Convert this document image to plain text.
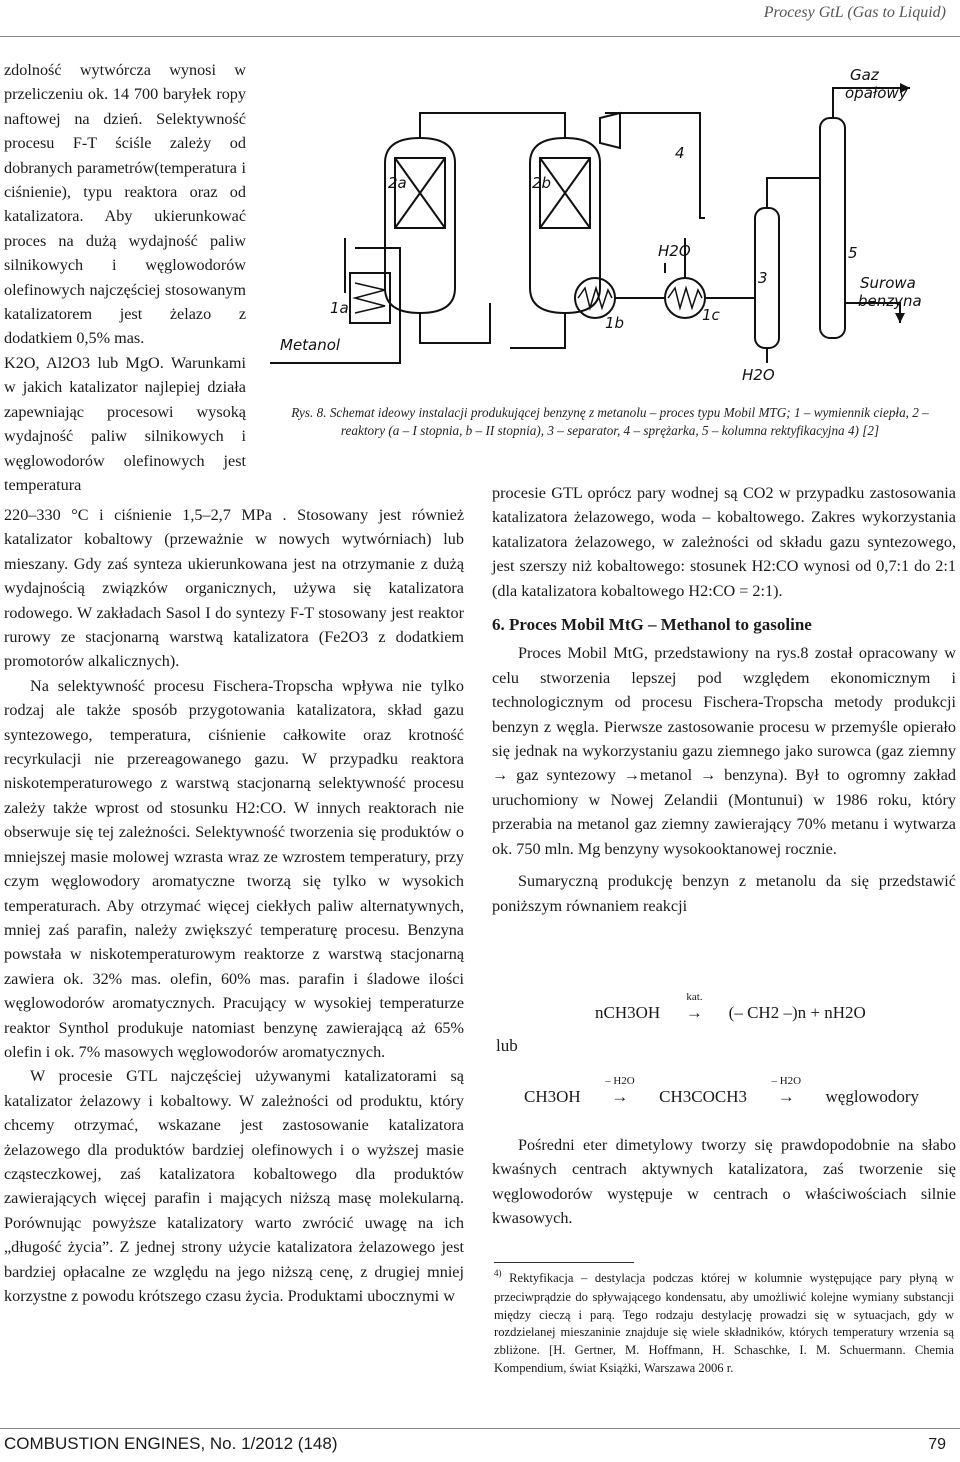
Procesy GtL (Gas to Liquid)

zdolność wytwórcza wynosi w przeliczeniu ok. 14 700 baryłek ropy naftowej na dzień. Selektywność procesu F-T ściśle zależy od dobranych parametrów(temperatura i ciśnienie), typu reaktora oraz od katalizatora. Aby ukierunkować proces na dużą wydajność paliw silnikowych i węglowodorów olefinowych najczęściej stosowanym katalizatorem jest żelazo z dodatkiem 0,5% mas.

K2O, Al2O3 lub MgO. Warunkami w jakich katalizator najlepiej działa zapewniając procesowi wysoką wydajność paliw silnikowych i węglowodorów olefinowych jest temperatura

Gaz
opałowy
Metanol
Surowa
benzyna
H2O
H2O
2a	2b
1a
1b	1c
3
4
5
Rys. 8. Schemat ideowy instalacji produkującej benzynę z metanolu – proces typu Mobil MTG; 1 – wymiennik ciepła, 2 – reaktory (a – I stopnia, b – II stopnia), 3 – separator, 4 – sprężarka, 5 – kolumna rektyfikacyjna 4) [2]

220–330 °C i ciśnienie 1,5–2,7 MPa . Stosowany jest również katalizator kobaltowy (przeważnie w nowych wytwórniach) lub mieszany. Gdy zaś synteza ukierunkowana jest na otrzymanie z dużą wydajnością związków organicznych, używa się katalizatora rodowego. W zakładach Sasol I do syntezy F-T stosowany jest reaktor rurowy ze stacjonarną warstwą katalizatora (Fe2O3 z dodatkiem promotorów alkalicznych).

Na selektywność procesu Fischera-Tropscha wpływa nie tylko rodzaj ale także sposób przygotowania katalizatora, skład gazu syntezowego, temperatura, ciśnienie całkowite oraz krotność recyrkulacji nie przereagowanego gazu. W przypadku reaktora niskotemperaturowego z warstwą stacjonarną selektywność procesu zależy także wprost od stosunku H2:CO. W innych reaktorach nie obserwuje się tej zależności. Selektywność tworzenia się produktów o mniejszej masie molowej wzrasta wraz ze wzrostem temperatury, przy czym węglowodory aromatyczne tworzą się tylko w wysokich temperaturach. Aby otrzymać więcej ciekłych paliw alternatywnych, mniej zaś parafin, należy zwiększyć temperaturę procesu. Benzyna powstała w niskotemperaturowym reaktorze z warstwą stacjonarną zawiera ok. 32% mas. olefin, 60% mas. parafin i śladowe ilości węglowodorów aromatycznych. Pracujący w wysokiej temperaturze reaktor Synthol produkuje natomiast benzynę zawierającą aż 65% olefin i ok. 7% masowych węglowodorów aromatycznych.

W procesie GTL najczęściej używanymi katalizatorami są katalizator żelazowy i kobaltowy. W zależności od produktu, który chcemy otrzymać, wskazane jest zastosowanie katalizatora żelazowego dla produktów bardziej olefinowych i o wyższej masie cząsteczkowej, zaś katalizatora kobaltowego dla produktów zawierających więcej parafin i mających niższą masę molekularną. Porównując powyższe katalizatory warto zwrócić uwagę na ich „długość życia”. Z jednej strony użycie katalizatora żelazowego jest bardziej opłacalne ze względu na jego niższą cenę, z drugiej mniej korzystne z powodu krótszego czasu życia. Produktami ubocznymi w

procesie GTL oprócz pary wodnej są CO2 w przypadku zastosowania katalizatora żelazowego, woda – kobaltowego. Zakres wykorzystania katalizatora żelazowego, w zależności od składu gazu syntezowego, jest szerszy niż kobaltowego: stosunek H2:CO wynosi od 0,7:1 do 2:1 (dla katalizatora kobaltowego H2:CO = 2:1).

6. Proces Mobil MtG – Methanol to gasoline

Proces Mobil MtG, przedstawiony na rys.8 został opracowany w celu stworzenia lepszej pod względem ekonomicznym i technologicznym od procesu Fischera-Tropscha metody produkcji benzyn z węgla. Pierwsze zastosowanie procesu w przemyśle opierało się jednak na wykorzystaniu gazu ziemnego jako surowca (gaz ziemny → gaz syntezowy →metanol → benzyna). Był to ogromny zakład uruchomiony w Nowej Zelandii (Montunui) w 1986 roku, który przerabia na metanol gaz ziemny zawierający 70% metanu i wytwarza ok. 750 mln. Mg benzyny wysokooktanowej rocznie.

Sumaryczną produkcję benzyn z metanolu da się przedstawić poniższym równaniem reakcji

nCH3OH
kat.
→ (– CH2 –)n + nH2O
lub
CH3OH
– H2O
→ CH3COCH3
– H2O
→ węglowodory

Pośredni eter dimetylowy tworzy się prawdopodobnie na słabo kwaśnych centrach aktywnych katalizatora, zaś tworzenie się węglowodorów występuje w centrach o właściwościach silnie kwasowych.

$^{4)}$ Rektyfikacja – destylacja podczas której w kolumnie występujące pary płyną w przeciwprądzie do spływającego kondensatu, aby umożliwić kolejne wymiany substancji między cieczą i parą. Tego rodzaju destylację prowadzi się w sytuacjach, gdy w rozdzielanej mieszaninie znajduje się wiele składników, których temperatury wrzenia są zbliżone. [H. Gertner, M. Hoffmann, H. Schaschke, I. M. Schuermann. Chemia Kompendium, świat Książki, Warszawa 2006 r.
COMBUSTION ENGINES, No. 1/2012 (148)	79
